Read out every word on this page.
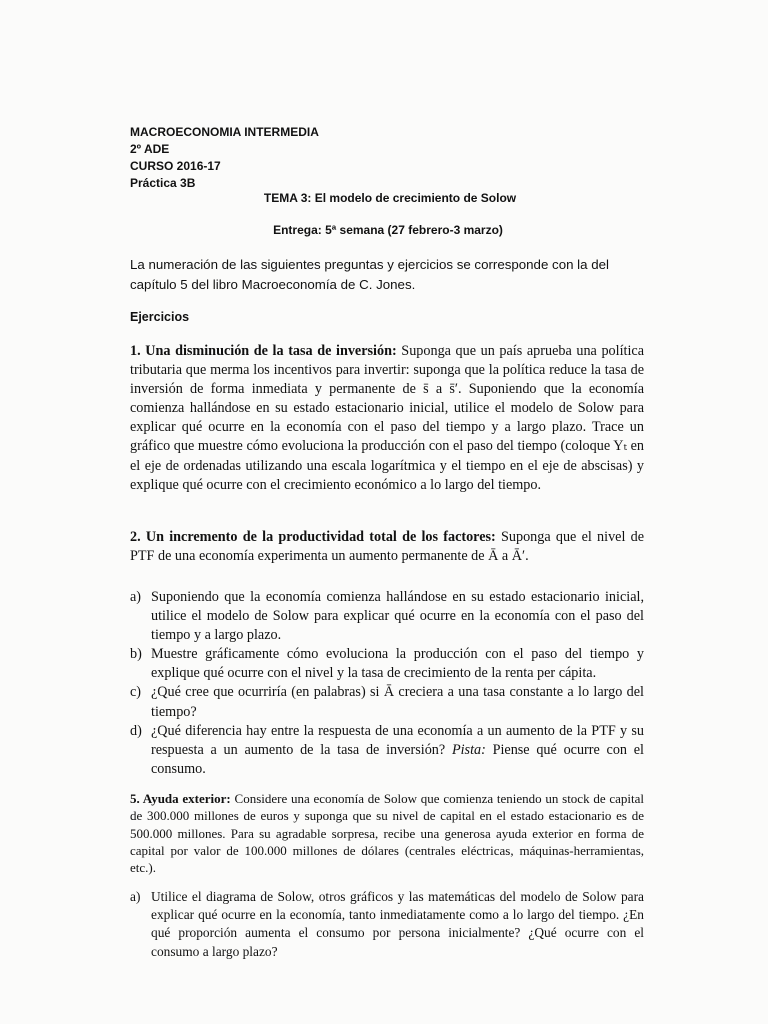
MACROECONOMIA INTERMEDIA
2º ADE
CURSO 2016-17
Práctica 3B
TEMA 3: El modelo de crecimiento de Solow
Entrega: 5ª semana (27 febrero-3 marzo)
La numeración de las siguientes preguntas y ejercicios se corresponde con la del capítulo 5 del libro Macroeconomía de C. Jones.
Ejercicios
1. Una disminución de la tasa de inversión: Suponga que un país aprueba una política tributaria que merma los incentivos para invertir: suponga que la política reduce la tasa de inversión de forma inmediata y permanente de s̄ a s̄′. Suponiendo que la economía comienza hallándose en su estado estacionario inicial, utilice el modelo de Solow para explicar qué ocurre en la economía con el paso del tiempo y a largo plazo. Trace un gráfico que muestre cómo evoluciona la producción con el paso del tiempo (coloque Yₜ en el eje de ordenadas utilizando una escala logarítmica y el tiempo en el eje de abscisas) y explique qué ocurre con el crecimiento económico a lo largo del tiempo.
2. Un incremento de la productividad total de los factores: Suponga que el nivel de PTF de una economía experimenta un aumento permanente de Ā a Ā′.
a) Suponiendo que la economía comienza hallándose en su estado estacionario inicial, utilice el modelo de Solow para explicar qué ocurre en la economía con el paso del tiempo y a largo plazo.
b) Muestre gráficamente cómo evoluciona la producción con el paso del tiempo y explique qué ocurre con el nivel y la tasa de crecimiento de la renta per cápita.
c) ¿Qué cree que ocurriría (en palabras) si Ā creciera a una tasa constante a lo largo del tiempo?
d) ¿Qué diferencia hay entre la respuesta de una economía a un aumento de la PTF y su respuesta a un aumento de la tasa de inversión? Pista: Piense qué ocurre con el consumo.
5. Ayuda exterior: Considere una economía de Solow que comienza teniendo un stock de capital de 300.000 millones de euros y suponga que su nivel de capital en el estado estacionario es de 500.000 millones. Para su agradable sorpresa, recibe una generosa ayuda exterior en forma de capital por valor de 100.000 millones de dólares (centrales eléctricas, máquinas-herramientas, etc.).
a) Utilice el diagrama de Solow, otros gráficos y las matemáticas del modelo de Solow para explicar qué ocurre en la economía, tanto inmediatamente como a lo largo del tiempo. ¿En qué proporción aumenta el consumo por persona inicialmente? ¿Qué ocurre con el consumo a largo plazo?
